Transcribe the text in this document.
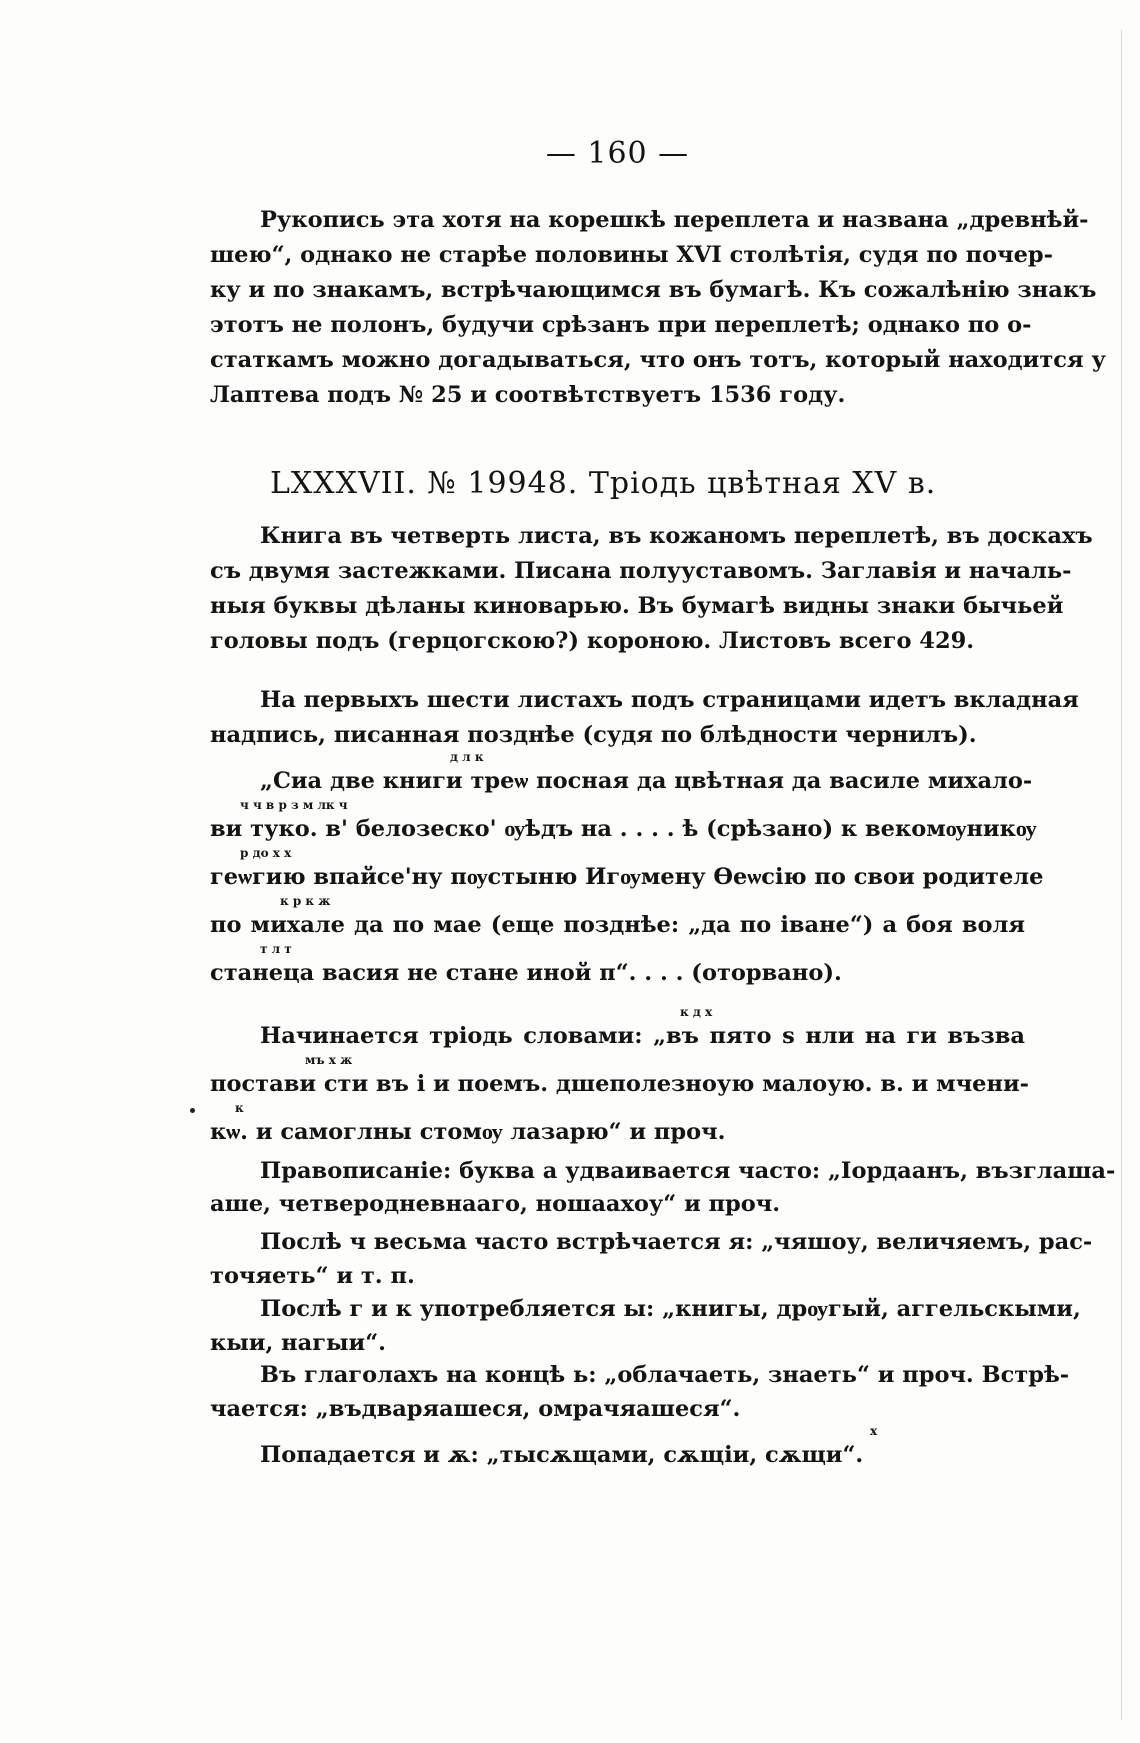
— 160 —
Рукопись эта хотя на корешкѣ переплета и названа „древнѣй-
шею“, однако не старѣе половины XVI столѣтія, судя по почер-
ку и по знакамъ, встрѣчающимся въ бумагѣ. Къ сожалѣнію знакъ
этотъ не полонъ, будучи срѣзанъ при переплетѣ; однако по о-
статкамъ можно догадываться, что онъ тотъ, который находится у
Лаптева подъ № 25 и соотвѣтствуетъ 1536 году.
LXXXVII. № 19948. Тріодь цвѣтная XV в.
Книга въ четверть листа, въ кожаномъ переплетѣ, въ доскахъ
съ двумя застежками. Писана полууставомъ. Заглавія и началь-
ныя буквы дѣланы киноварью. Въ бумагѣ видны знаки бычьей
головы подъ (герцогскою?) короною. Листовъ всего 429.
На первыхъ шести листахъ подъ страницами идетъ вкладная
надпись, писанная позднѣе (судя по блѣдности чернилъ).
д л к
„Сиа две книги треѡ посная да цвѣтная да василе михало-
ч ч в р з м лк ч
ви туко. в' белозеско' ѹѣдъ на . . . . ѣ (срѣзано) к векомѹникѹ
р до х х
геѡгию впайсе'ну пѹстыню Игѹмену Ѳеѡсію по свои родителе
к р к ж
по михале да по мае (еще позднѣе: „да по іване“) а боя воля
т л т
станеца васия не стане иной п“. . . . (оторвано).
к д х
Начинается тріодь словами: „въ пято ѕ нли на ги възва
мъ х ж
постави сти въ і и поемъ. дшеполезноую малоую. в. и мчени-
к
кѡ. и самоглны стомѹ лазарю“ и проч.
Правописаніе: буква а удваивается часто: „Іордаанъ, възглаша-
аше, четверодневнааго, ношаахоу“ и проч.
Послѣ ч весьма часто встрѣчается я: „чяшоу, величяемъ, рас-
точяеть“ и т. п.
Послѣ г и к употребляется ы: „книгы, дрѹгый, аггельскыми,
кыи, нагыи“.
Въ глаголахъ на концѣ ь: „облачаеть, знаеть“ и проч. Встрѣ-
чается: „въдваряашеся, омрачяашеся“.
х
Попадается и ѫ: „тысѫщами, сѫщіи, сѫщи“.
